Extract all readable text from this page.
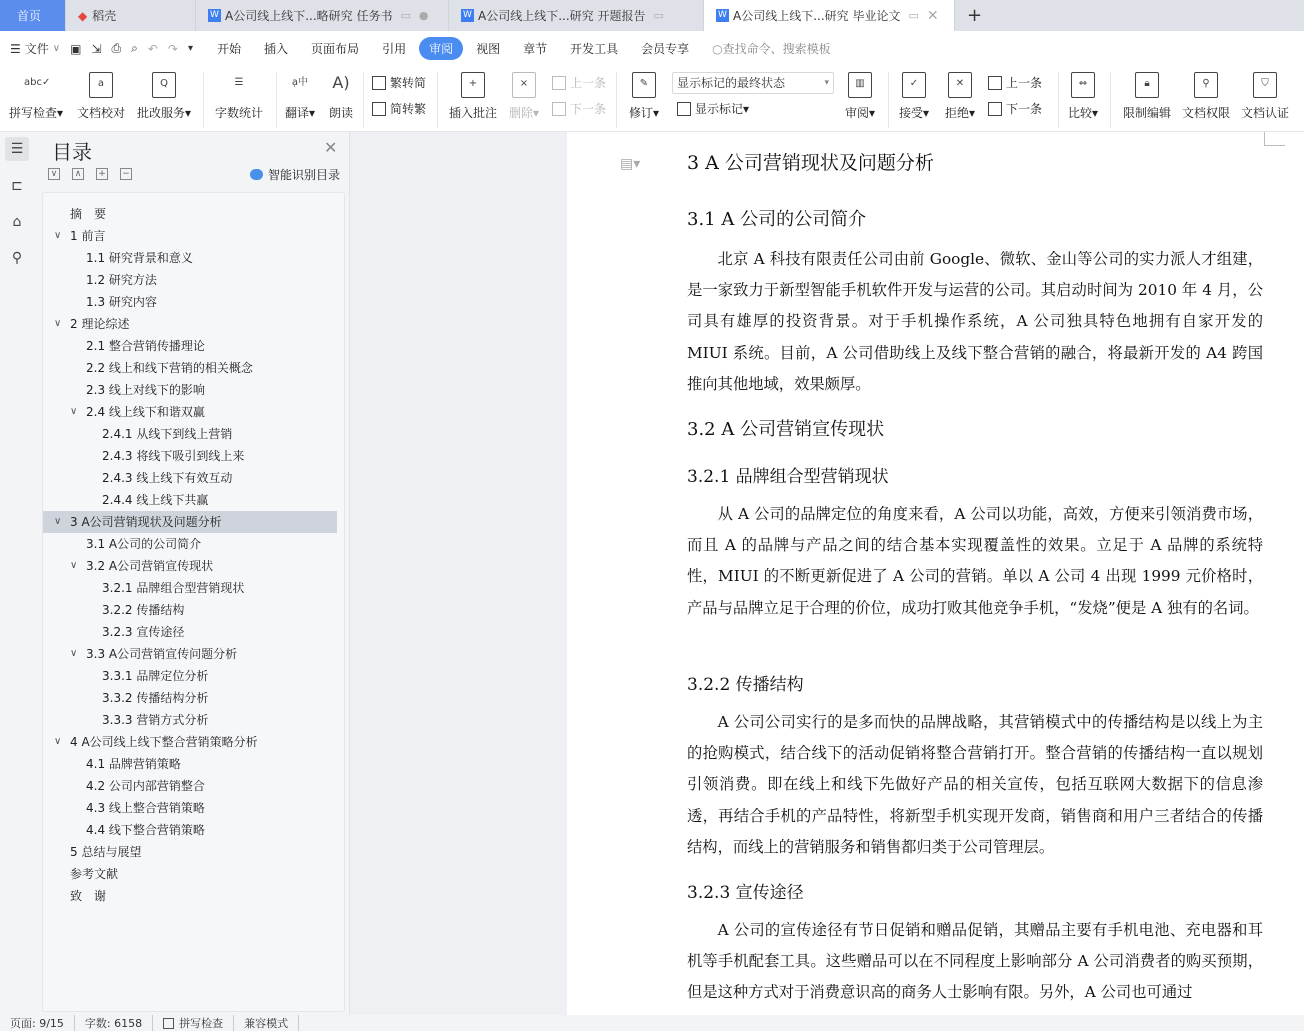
首页	◆ 稻壳	W A公司线上线下...略研究 任务书 ▭ ●	W A公司线上线下...研究 开题报告 ▭	W A公司线上线下...研究 毕业论文 ▭ ✕ +
☰ 文件 ∨ ▣ ⇲ ⎙ ⌕ ↶ ↷ ▾	开始	插入	页面布局	引用	审阅	视图	章节	开发工具	会员专享	○ 查找命令、搜索模板
abc✓
拼写检查▾
a
文档校对
Q
批改服务▾
☰
字数统计
ạ中
翻译▾
A)
朗读
繁转简
简转繁
+
插入批注
×
删除▾
上一条
下一条
✎
修订▾
显示标记的最终状态	▾
显示标记 ▾
▥
审阅▾
✓
接受▾
✕
拒绝▾
上一条
下一条
⇔
比较▾
🔒︎
限制编辑
⚲
文档权限
⛉
文档认证
☰
⊏
⌂
⚲
目录	✕
∨	∧	+ −	智能识别目录
摘　要
∨ 1 前言
1.1 研究背景和意义
1.2 研究方法
1.3 研究内容
∨ 2 理论综述
2.1 整合营销传播理论
2.2 线上和线下营销的相关概念
2.3 线上对线下的影响
∨ 2.4 线上线下和谐双赢
2.4.1 从线下到线上营销
2.4.3 将线下吸引到线上来
2.4.3 线上线下有效互动
2.4.4 线上线下共赢
∨ 3 A公司营销现状及问题分析
3.1 A公司的公司简介
∨ 3.2 A公司营销宣传现状
3.2.1 品牌组合型营销现状
3.2.2 传播结构
3.2.3 宣传途径
∨ 3.3 A公司营销宣传问题分析
3.3.1 品牌定位分析
3.3.2 传播结构分析
3.3.3 营销方式分析
∨ 4 A公司线上线下整合营销策略分析
4.1 品牌营销策略
4.2 公司内部营销整合
4.3 线上整合营销策略
4.4 线下整合营销策略
5 总结与展望
参考文献
致　谢
▤▾ 3 A 公司营销现状及问题分析
3.1 A 公司的公司简介
北京 A 科技有限责任公司由前 Google、微软、金山等公司的实力派人才组建，是一家致力于新型智能手机软件开发与运营的公司。其启动时间为 2010 年 4 月，公司具有雄厚的投资背景。对于手机操作系统，A 公司独具特色地拥有自家开发的 MIUI 系统。目前，A 公司借助线上及线下整合营销的融合，将最新开发的 A4 跨国推向其他地域，效果颇厚。
3.2 A 公司营销宣传现状
3.2.1 品牌组合型营销现状
从 A 公司的品牌定位的角度来看，A 公司以功能，高效，方便来引领消费市场，而且 A 的品牌与产品之间的结合基本实现覆盖性的效果。立足于 A 品牌的系统特性，MIUI 的不断更新促进了 A 公司的营销。单以 A 公司 4 出现 1999 元价格时，产品与品牌立足于合理的价位，成功打败其他竞争手机，“发烧”便是 A 独有的名词。
3.2.2 传播结构
A 公司公司实行的是多而快的品牌战略，其营销模式中的传播结构是以线上为主的抢购模式，结合线下的活动促销将整合营销打开。整合营销的传播结构一直以规划引领消费。即在线上和线下先做好产品的相关宣传，包括互联网大数据下的信息渗透，再结合手机的产品特性，将新型手机实现开发商，销售商和用户三者结合的传播结构，而线上的营销服务和销售都归类于公司管理层。
3.2.3 宣传途径
A 公司的宣传途径有节日促销和赠品促销，其赠品主要有手机电池、充电器和耳机等手机配套工具。这些赠品可以在不同程度上影响部分 A 公司消费者的购买预期，但是这种方式对于消费意识高的商务人士影响有限。另外，A 公司也可通过
页面: 9/15	字数: 6158	拼写检查	兼容模式
